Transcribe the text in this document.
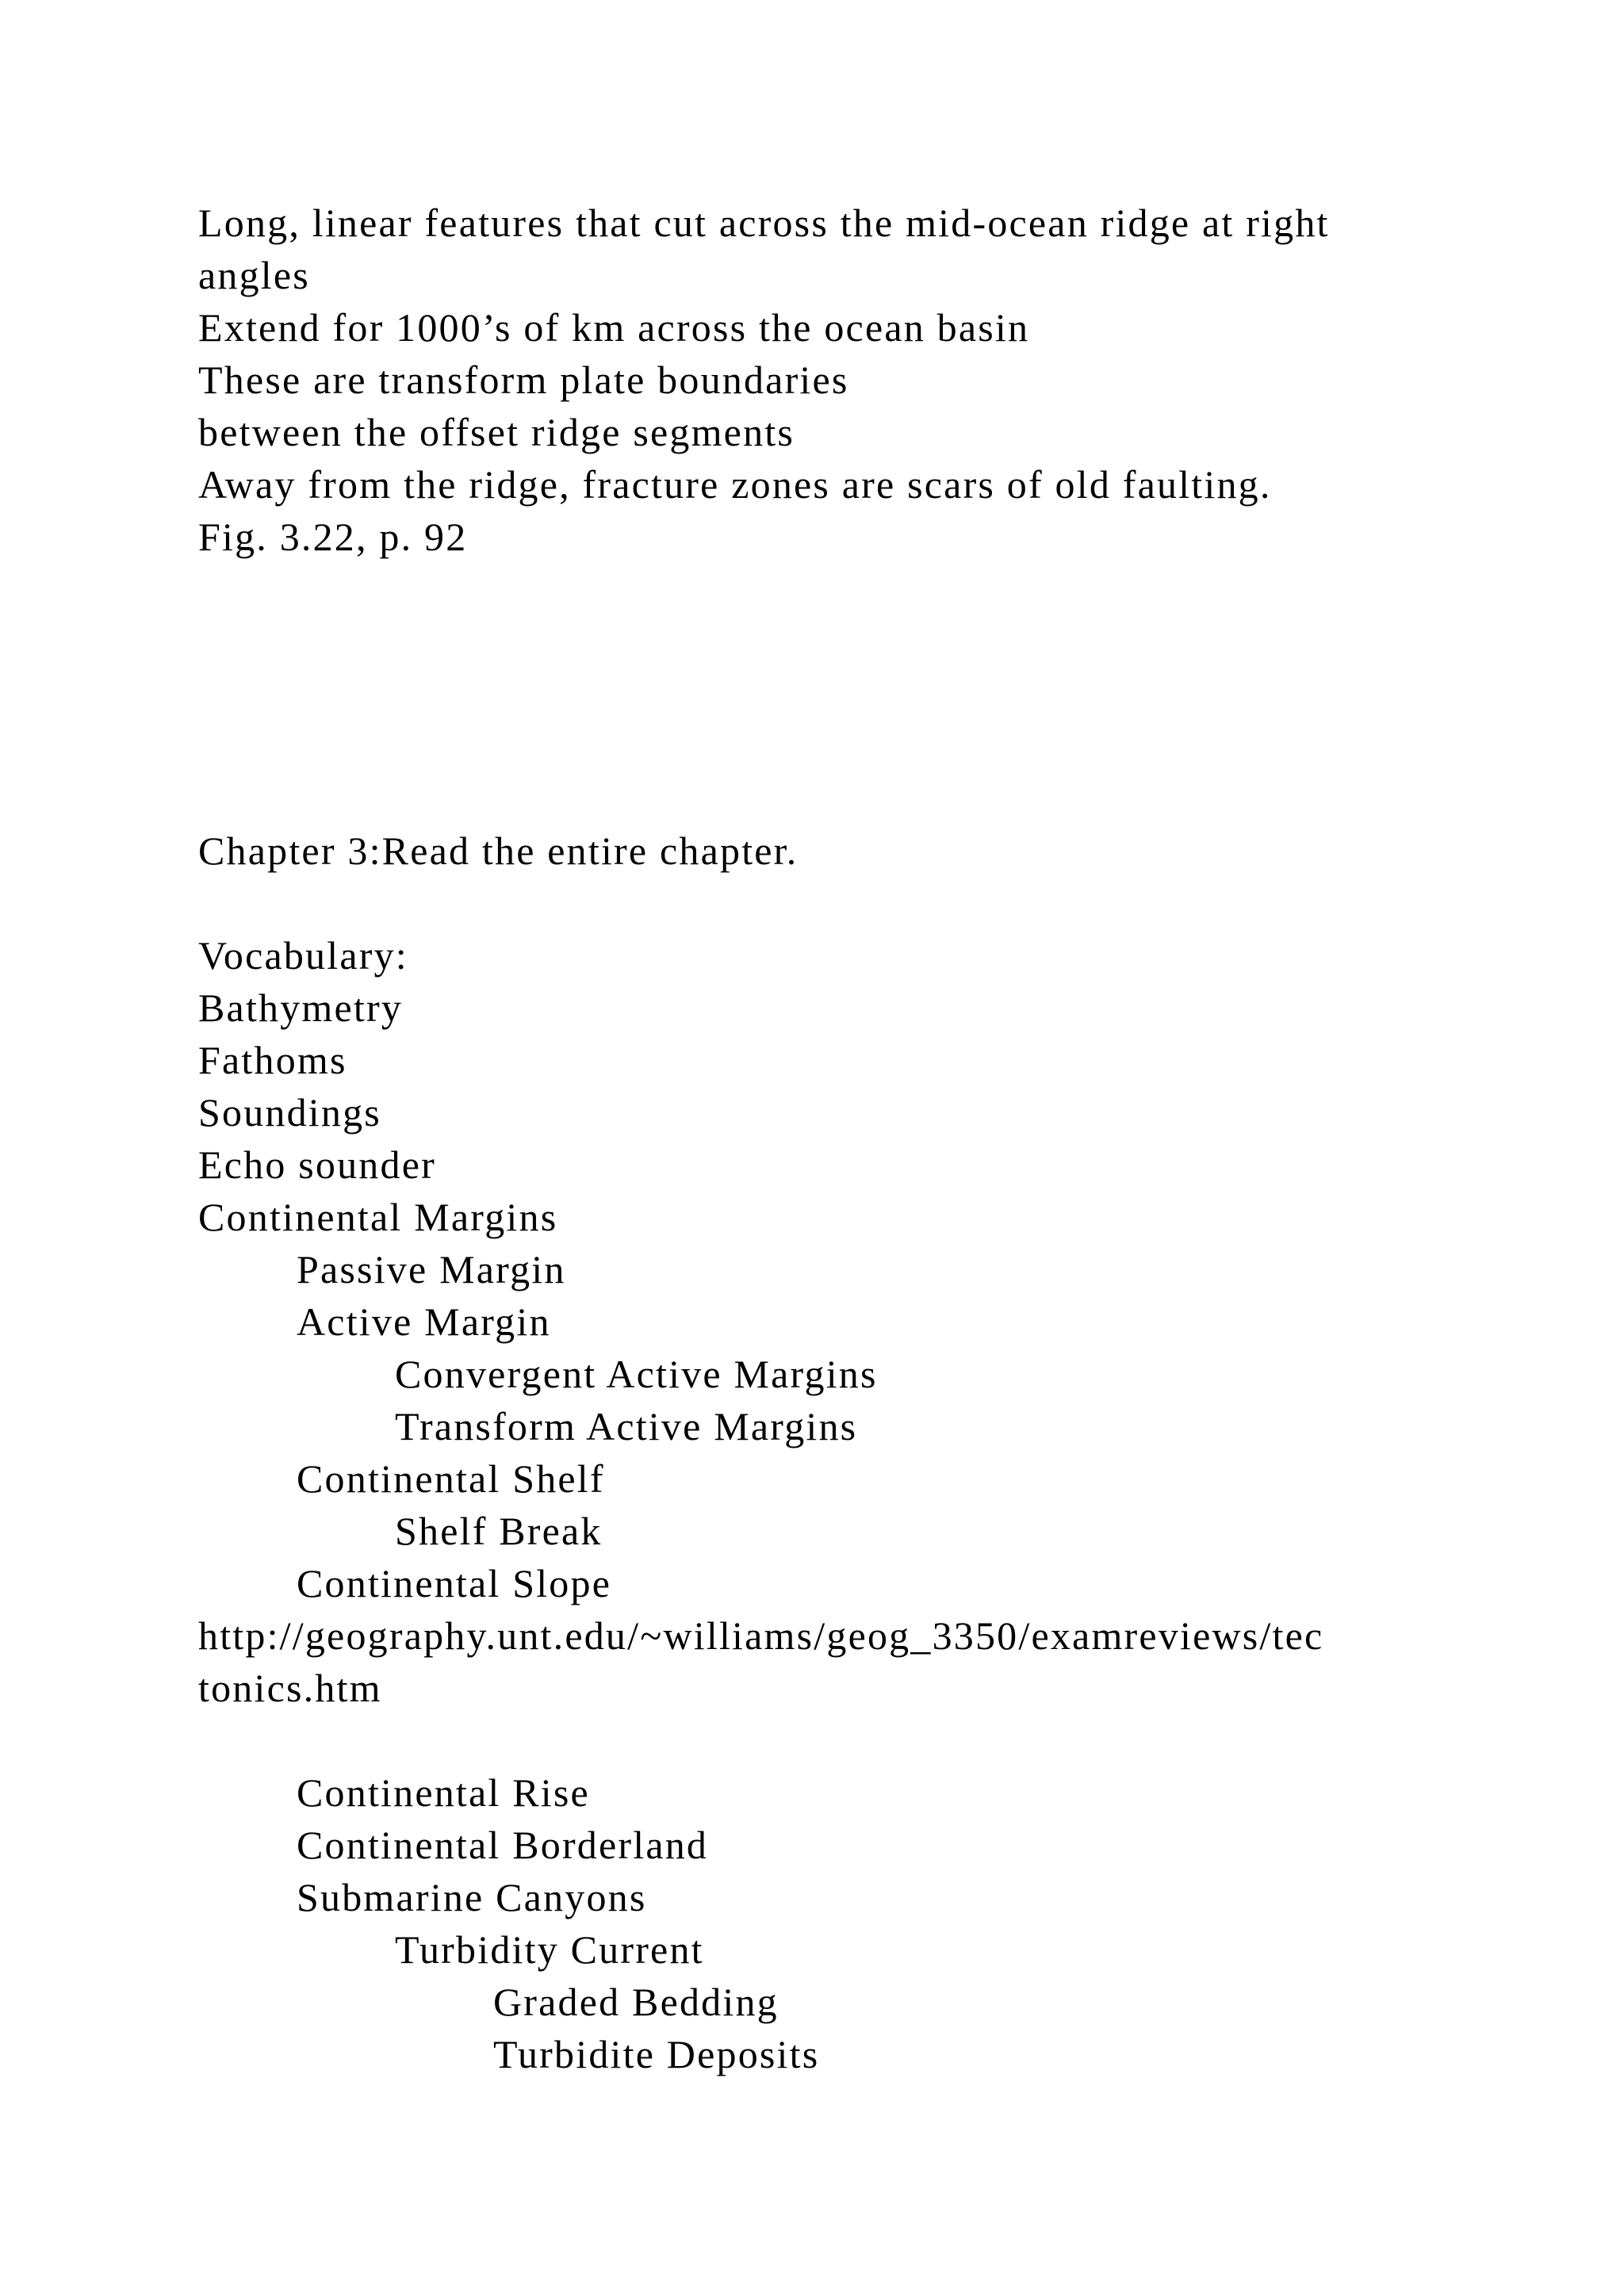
Long, linear features that cut across the mid-ocean ridge at right
angles
Extend for 1000’s of km across the ocean basin
These are transform plate boundaries
between the offset ridge segments
Away from the ridge, fracture zones are scars of old faulting.
Fig. 3.22, p. 92
Chapter 3:Read the entire chapter.
Vocabulary:
Bathymetry
Fathoms
Soundings
Echo sounder
Continental Margins
Passive Margin
Active Margin
Convergent Active Margins
Transform Active Margins
Continental Shelf
Shelf Break
Continental Slope
http://geography.unt.edu/~williams/geog_3350/examreviews/tec
tonics.htm
Continental Rise
Continental Borderland
Submarine Canyons
Turbidity Current
Graded Bedding
Turbidite Deposits
